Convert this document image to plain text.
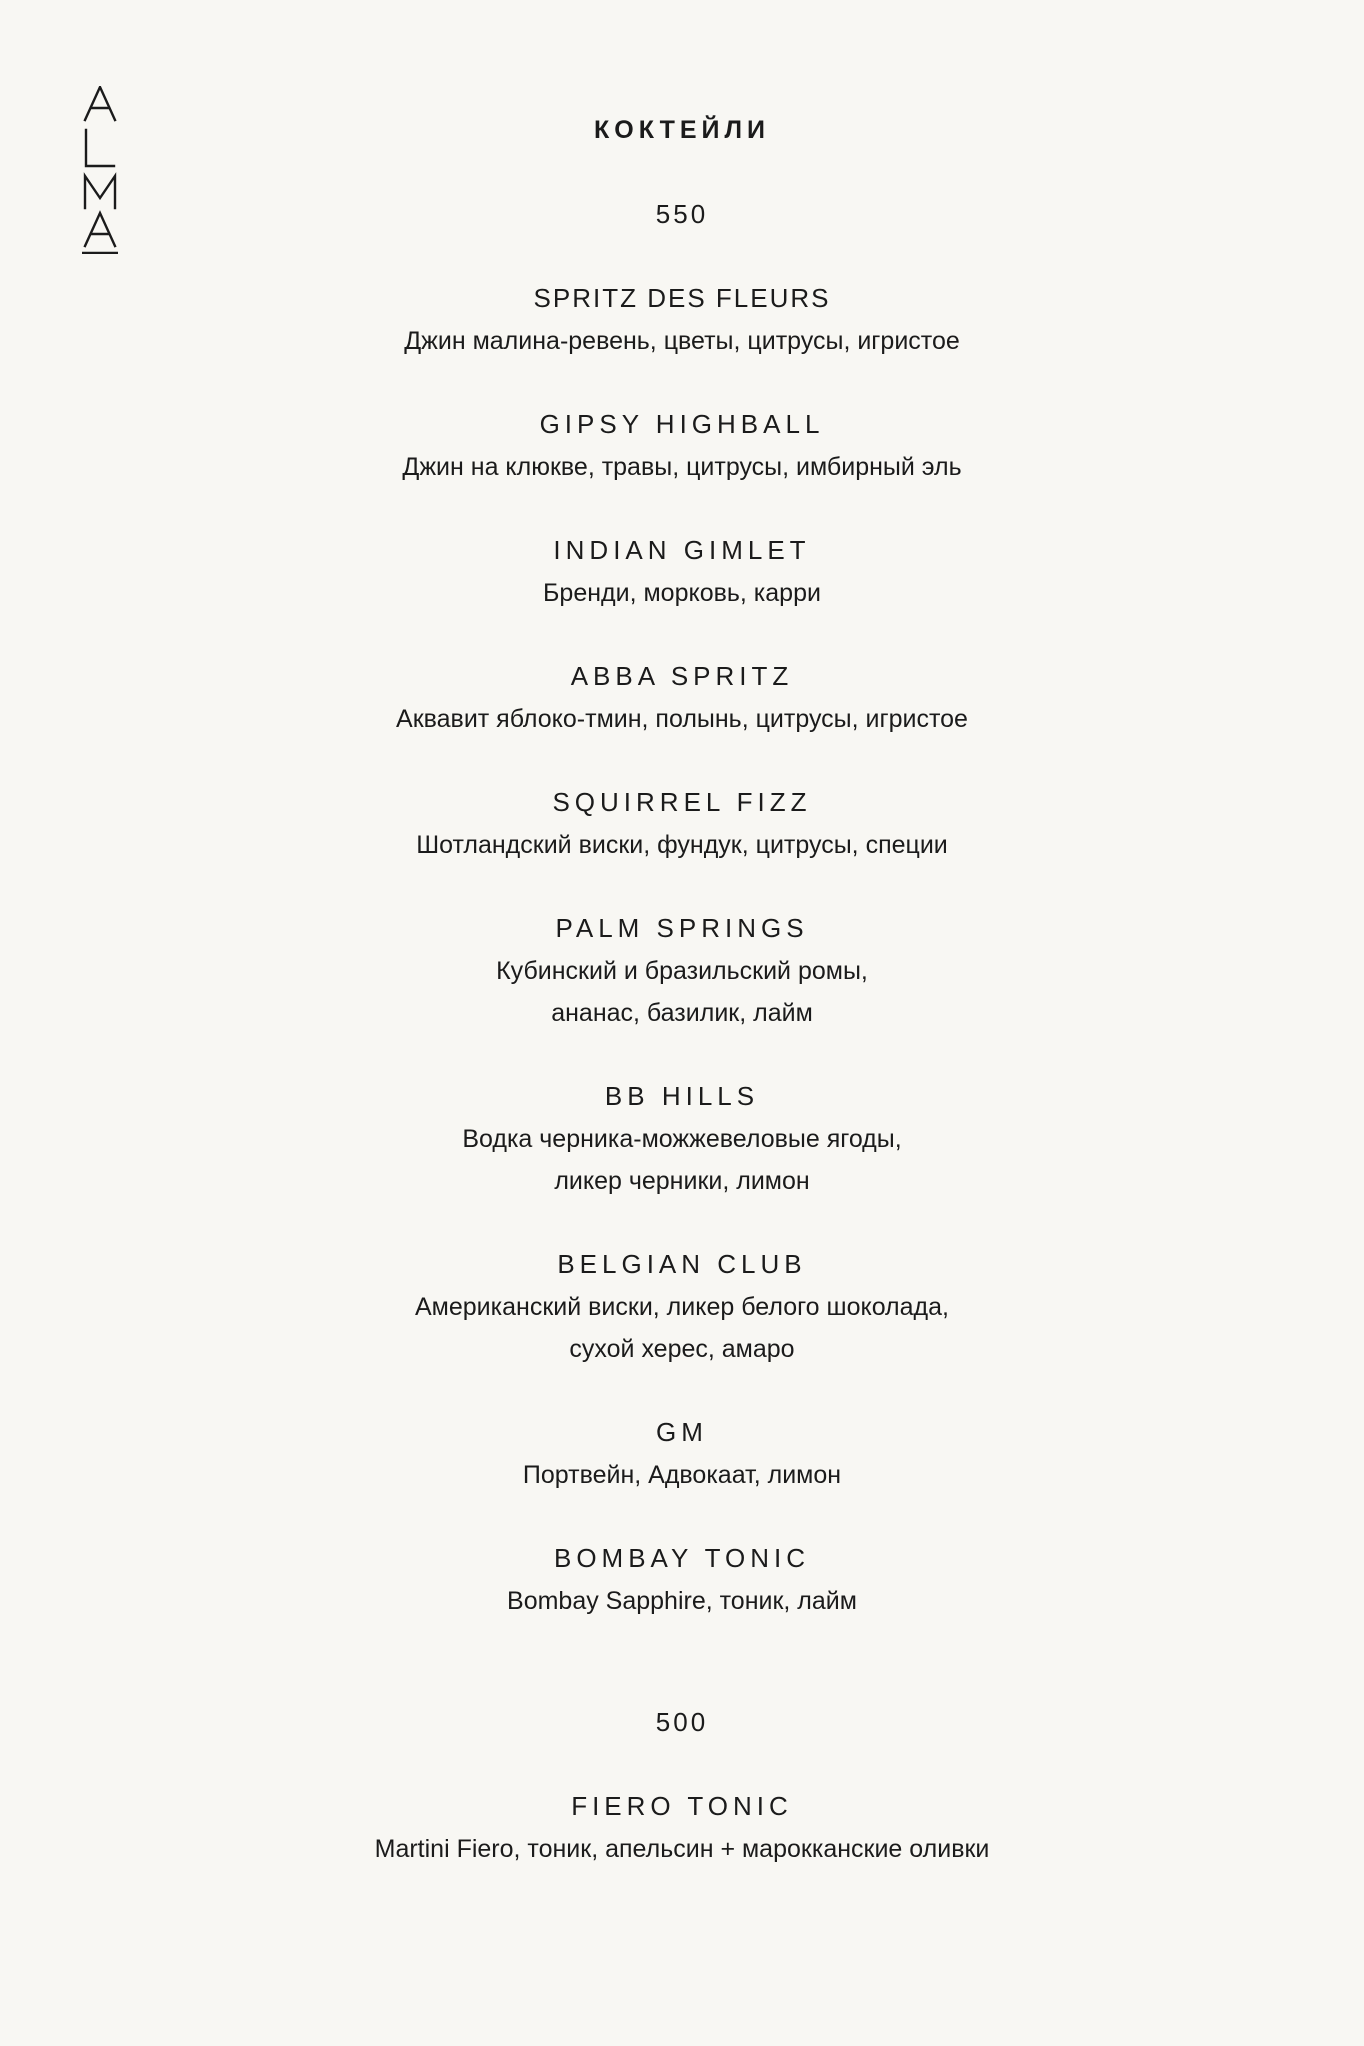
КОКТЕЙЛИ

550

SPRITZ DES FLEURS

Джин малина-ревень, цветы, цитрусы, игристое

GIPSY HIGHBALL

Джин на клюкве, травы, цитрусы, имбирный эль

INDIAN GIMLET

Бренди, морковь, карри

ABBA SPRITZ

Аквавит яблоко-тмин, полынь, цитрусы, игристое

SQUIRREL FIZZ

Шотландский виски, фундук, цитрусы, специи

PALM SPRINGS

Кубинский и бразильский ромы,
ананас, базилик, лайм

BB HILLS

Водка черника-можжевеловые ягоды,
ликер черники, лимон

BELGIAN CLUB

Американский виски, ликер белого шоколада,
сухой херес, амаро

GM

Портвейн, Адвокаат, лимон

BOMBAY TONIC

Bombay Sapphire, тоник, лайм

500

FIERO TONIC

Martini Fiero, тоник, апельсин + марокканские оливки
